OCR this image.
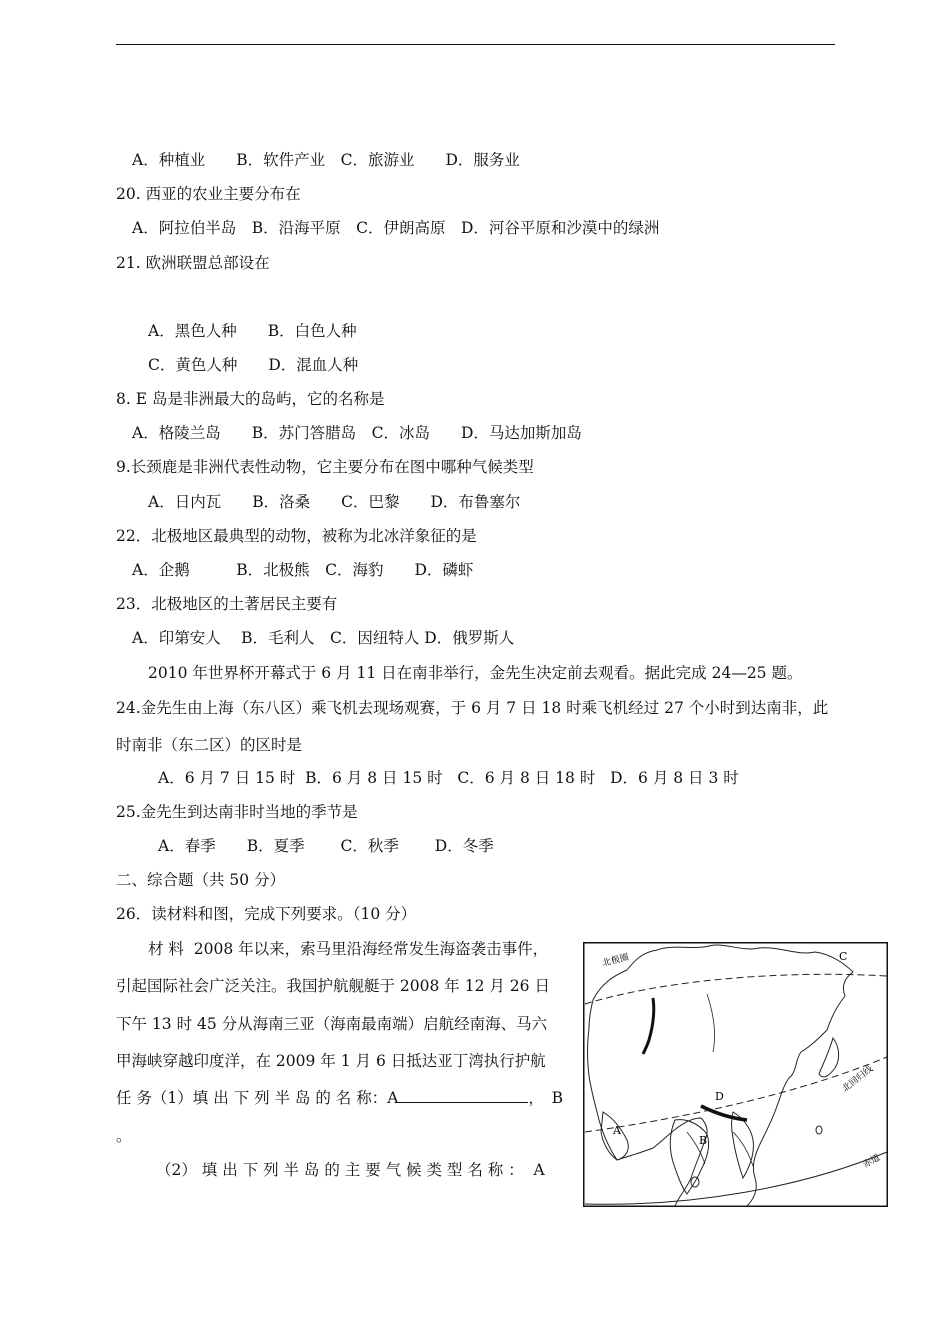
A．种植业　　B．软件产业　C．旅游业　　D．服务业
20. 西亚的农业主要分布在
A．阿拉伯半岛　B．沿海平原　C．伊朗高原　D．河谷平原和沙漠中的绿洲
21. 欧洲联盟总部设在
A．黑色人种　　B．白色人种
C．黄色人种　　D．混血人种
8. E 岛是非洲最大的岛屿，它的名称是
A．格陵兰岛　　B．苏门答腊岛　C．冰岛　　D．马达加斯加岛
9.长颈鹿是非洲代表性动物，它主要分布在图中哪种气候类型
A．日内瓦　　B．洛桑　　C．巴黎　　D．布鲁塞尔
22．北极地区最典型的动物，被称为北冰洋象征的是
A．企鹅　　　B．北极熊　C．海豹　　D．磷虾
23．北极地区的土著居民主要有
A．印第安人　 B．毛利人　C．因纽特人 D．俄罗斯人
2010 年世界杯开幕式于 6 月 11 日在南非举行，金先生决定前去观看。据此完成 24—25 题。
24.金先生由上海（东八区）乘飞机去现场观赛，于 6 月 7 日 18 时乘飞机经过 27 个小时到达南非，此
时南非（东二区）的区时是
A．6 月 7 日 15 时  B．6 月 8 日 15 时   C．6 月 8 日 18 时   D．6 月 8 日 3 时
25.金先生到达南非时当地的季节是
A．春季　　B．夏季　　 C．秋季　　 D．冬季
二、综合题（共 50 分）
26．读材料和图，完成下列要求。（10 分）
材 料  2008 年以来，索马里沿海经常发生海盗袭击事件，
引起国际社会广泛关注。我国护航舰艇于 2008 年 12 月 26 日
下午 13 时 45 分从海南三亚（海南最南端）启航经南海、马六
甲海峡穿越印度洋，在 2009 年 1 月 6 日抵达亚丁湾执行护航
任 务（1）填 出 下 列 半 岛 的 名 称：A	，　B
。
（2） 填 出 下 列 半 岛 的 主 要 气 候 类 型 名 称 ：  A
北极圈	C
北回归线
赤道
A
B
D
